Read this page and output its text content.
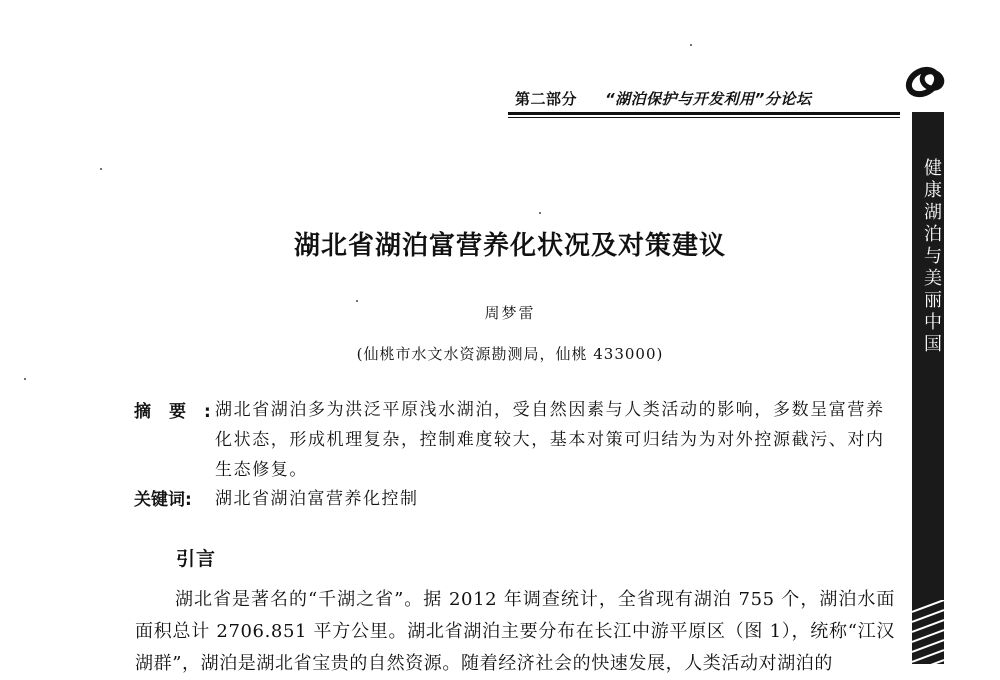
第二部分 “湖泊保护与开发利用”分论坛
健康湖泊与美丽中国
湖北省湖泊富营养化状况及对策建议
周梦雷
(仙桃市水文水资源勘测局，仙桃 433000)
摘要: 湖北省湖泊多为洪泛平原浅水湖泊，受自然因素与人类活动的影响，多数呈富营养化状态，形成机理复杂，控制难度较大，基本对策可归结为为对外控源截污、对内生态修复。
关键词: 湖北省湖泊富营养化控制
引言
湖北省是著名的“千湖之省”。据 2012 年调查统计，全省现有湖泊 755 个，湖泊水面面积总计 2706.851 平方公里。湖北省湖泊主要分布在长江中游平原区（图 1），统称“江汉湖群”，湖泊是湖北省宝贵的自然资源。随着经济社会的快速发展，人类活动对湖泊的
